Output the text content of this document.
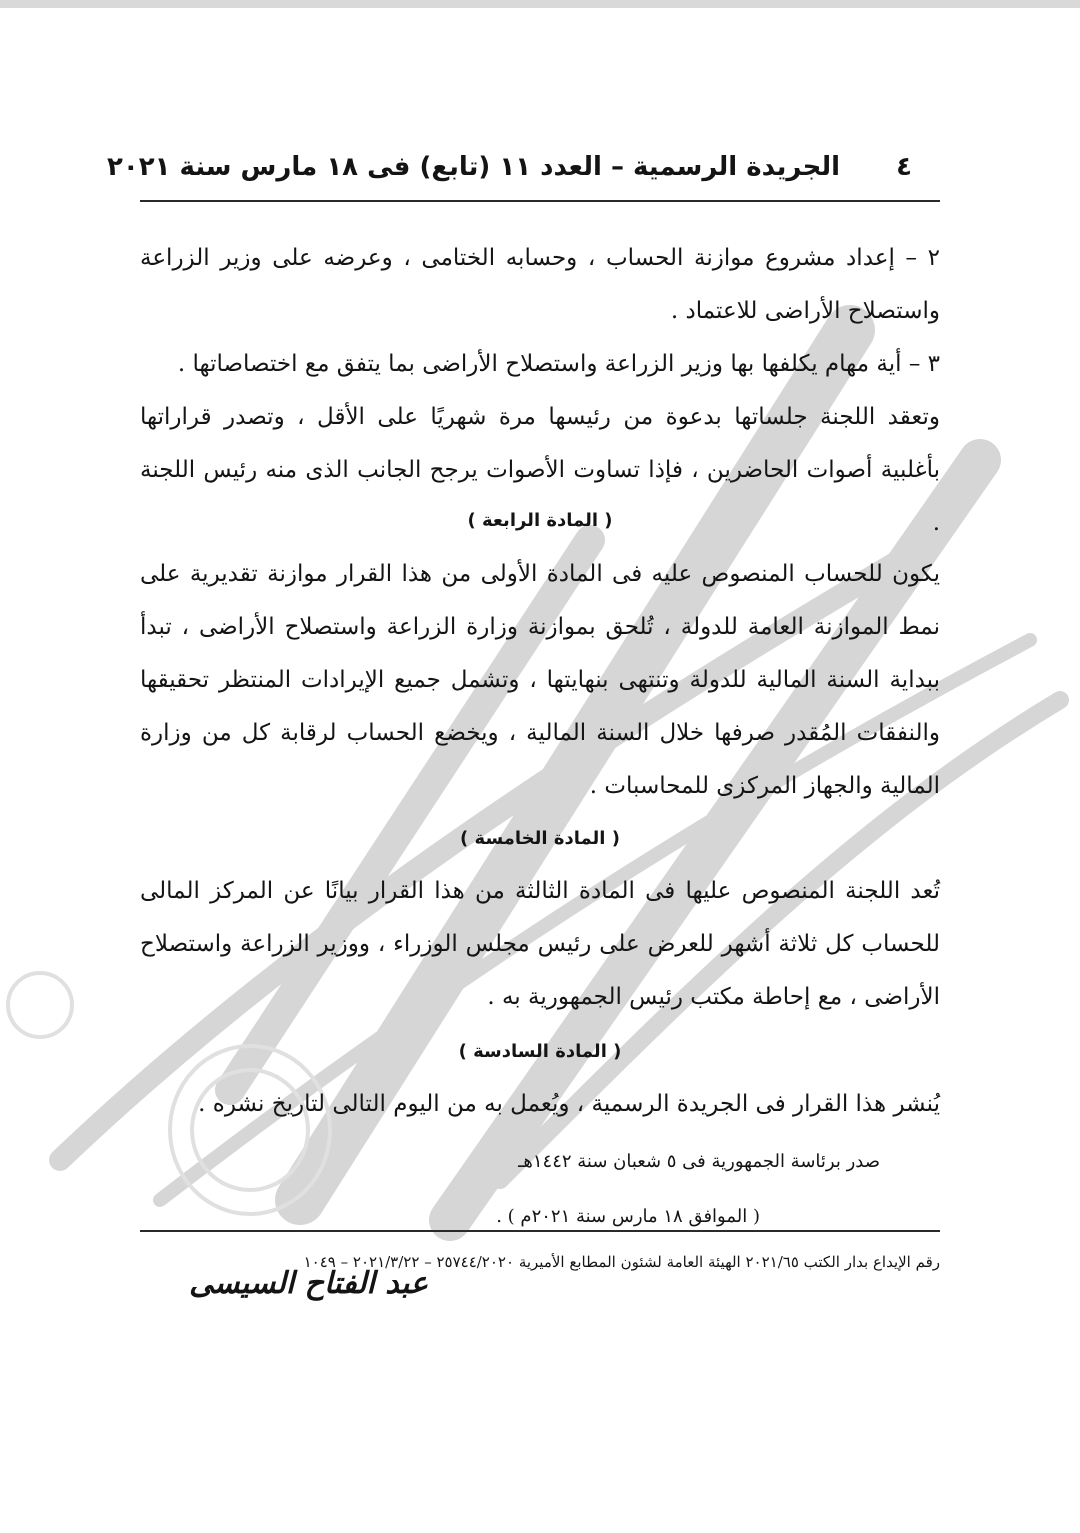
٤
الجريدة الرسمية – العدد ١١ (تابع) فى ١٨ مارس سنة ٢٠٢١
٢ – إعداد مشروع موازنة الحساب ، وحسابه الختامى ، وعرضه على وزير الزراعة واستصلاح الأراضى للاعتماد .
٣ – أية مهام يكلفها بها وزير الزراعة واستصلاح الأراضى بما يتفق مع اختصاصاتها .
وتعقد اللجنة جلساتها بدعوة من رئيسها مرة شهريًا على الأقل ، وتصدر قراراتها بأغلبية أصوات الحاضرين ، فإذا تساوت الأصوات يرجح الجانب الذى منه رئيس اللجنة .
( المادة الرابعة )
يكون للحساب المنصوص عليه فى المادة الأولى من هذا القرار موازنة تقديرية على نمط الموازنة العامة للدولة ، تُلحق بموازنة وزارة الزراعة واستصلاح الأراضى ، تبدأ ببداية السنة المالية للدولة وتنتهى بنهايتها ، وتشمل جميع الإيرادات المنتظر تحقيقها والنفقات المُقدر صرفها خلال السنة المالية ، ويخضع الحساب لرقابة كل من وزارة المالية والجهاز المركزى للمحاسبات .
( المادة الخامسة )
تُعد اللجنة المنصوص عليها فى المادة الثالثة من هذا القرار بيانًا عن المركز المالى للحساب كل ثلاثة أشهر للعرض على رئيس مجلس الوزراء ، ووزير الزراعة واستصلاح الأراضى ، مع إحاطة مكتب رئيس الجمهورية به .
( المادة السادسة )
يُنشر هذا القرار فى الجريدة الرسمية ، ويُعمل به من اليوم التالى لتاريخ نشره .
صدر برئاسة الجمهورية فى ٥ شعبان سنة ١٤٤٢هـ
( الموافق ١٨ مارس سنة ٢٠٢١م ) .
عبد الفتاح السيسى
رقم الإيداع بدار الكتب ٢٠٢١/٦٥ الهيئة العامة لشئون المطابع الأميرية ٢٥٧٤٤/٢٠٢٠ – ٢٠٢١/٣/٢٢ – ١٠٤٩
